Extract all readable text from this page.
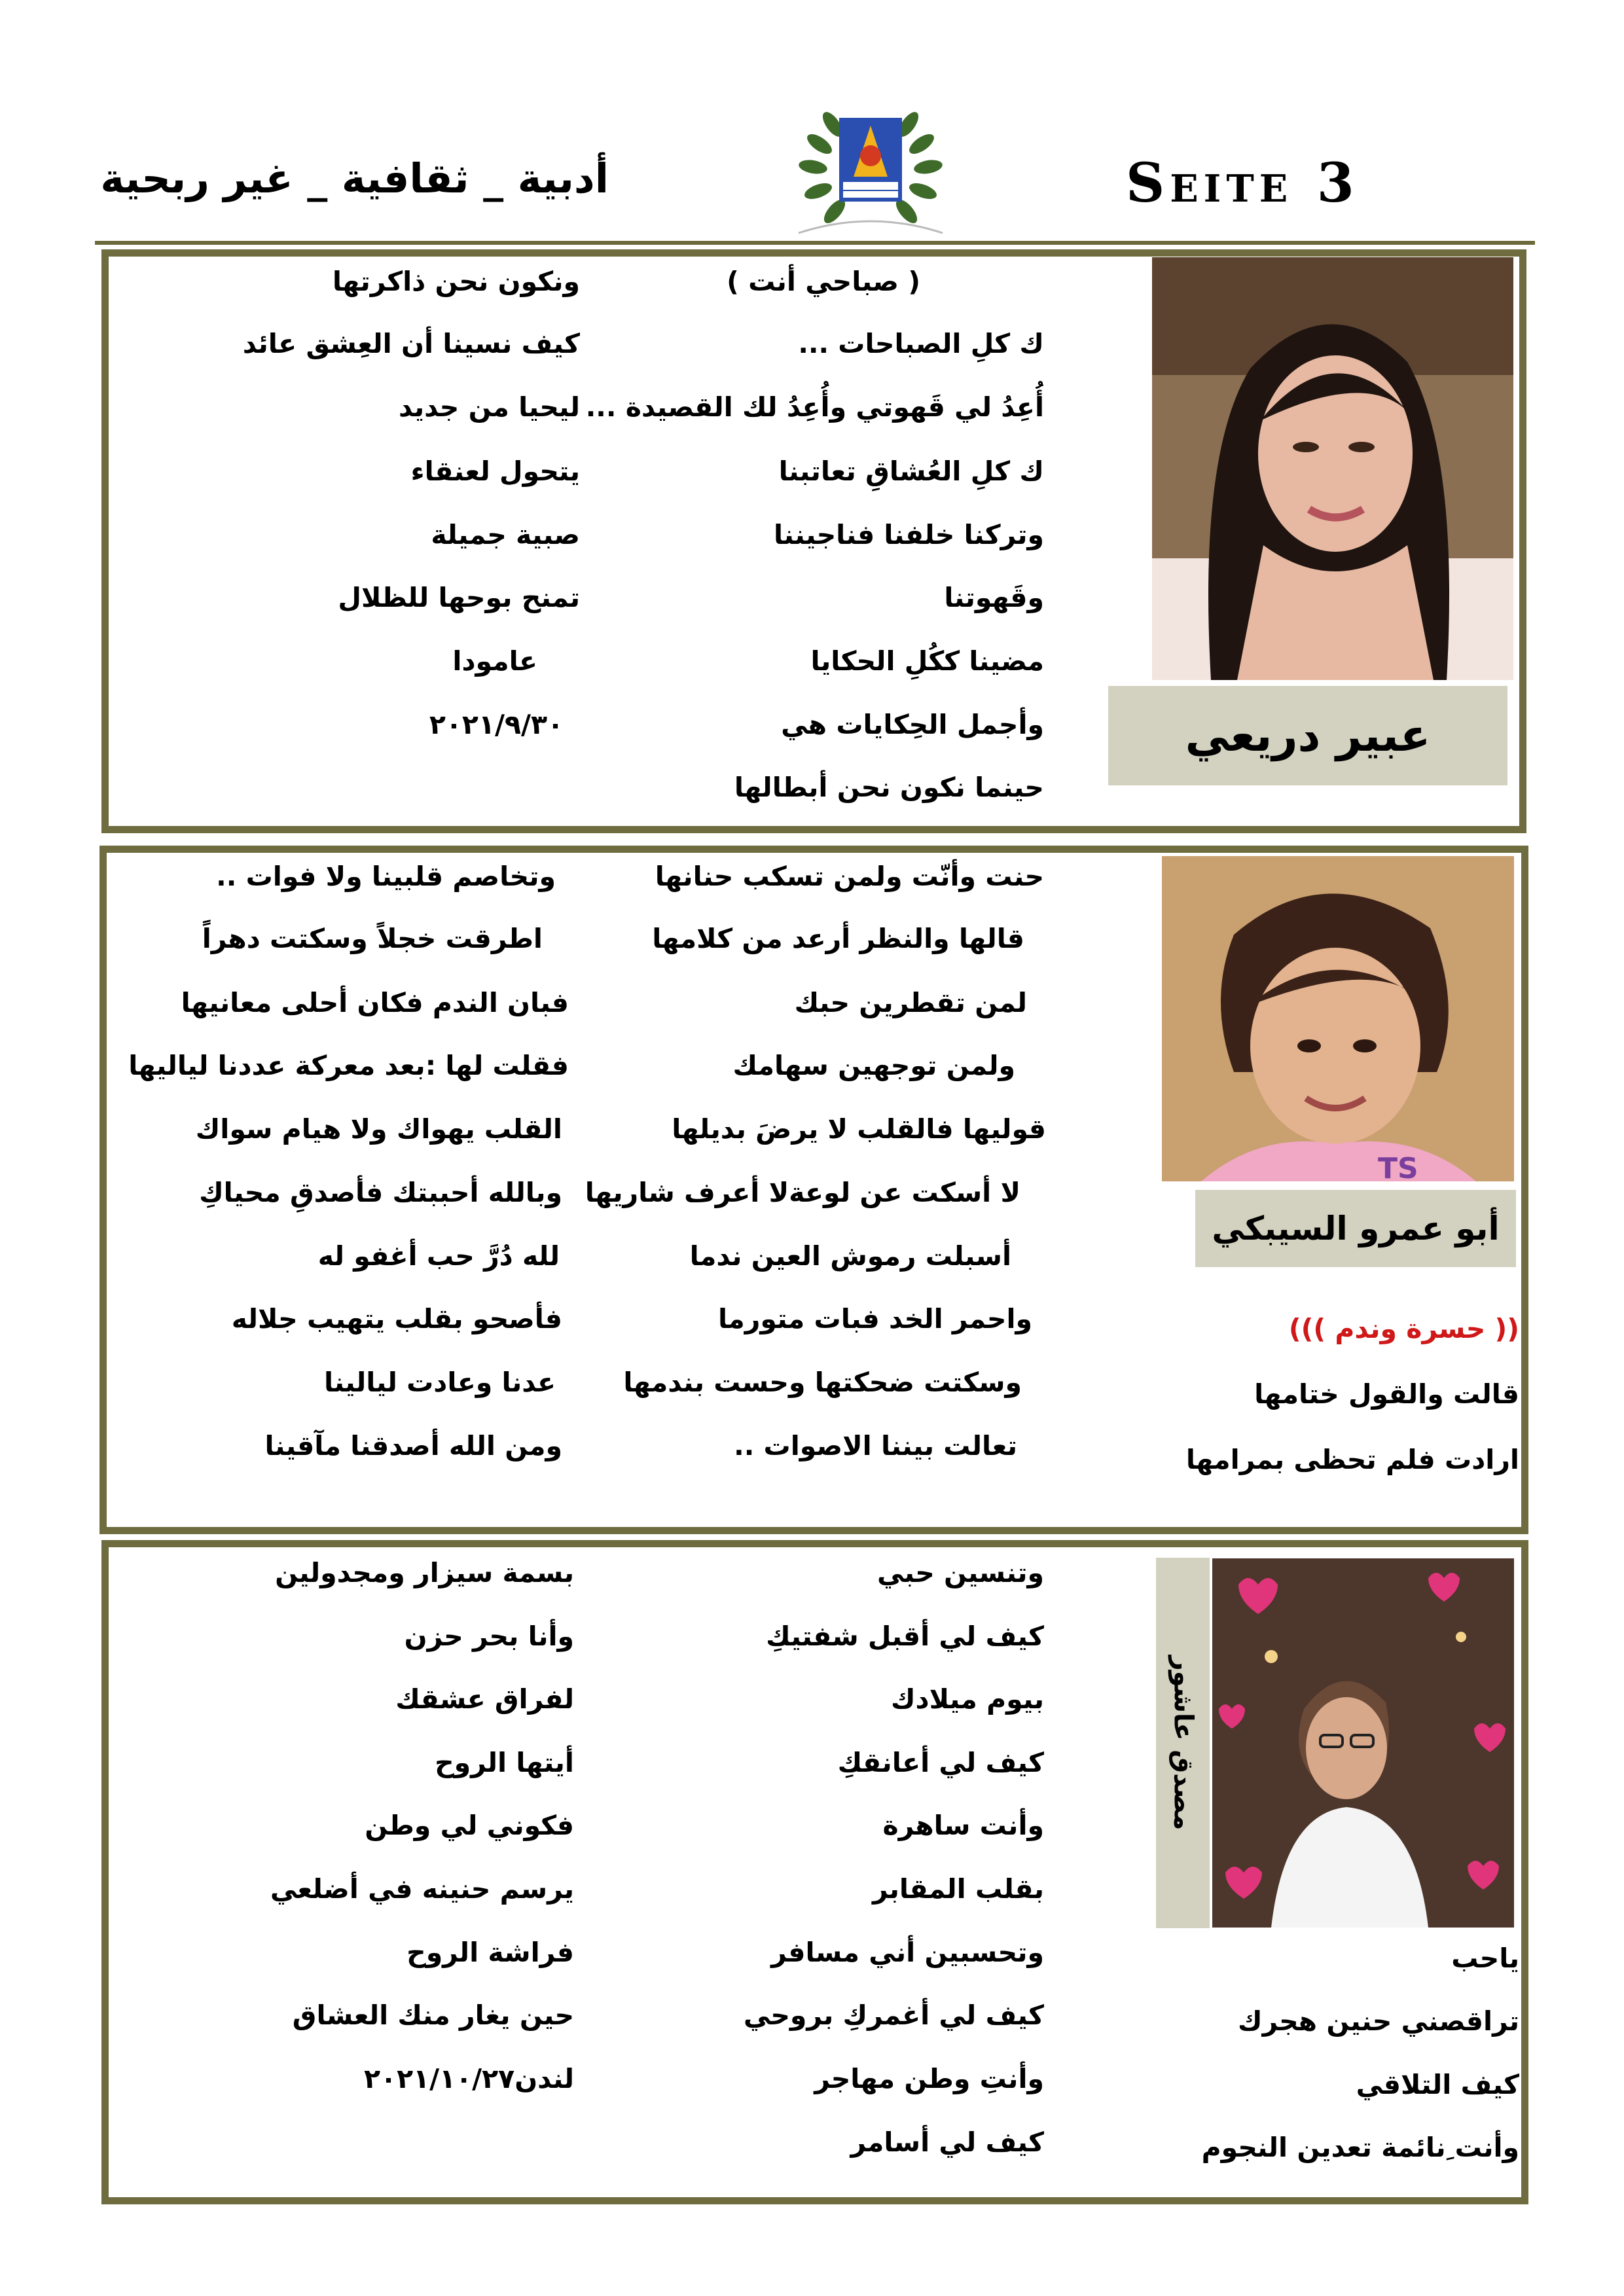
Seite 3
أدبية _ ثقافية _ غير ربحية
عبير دريعي
( صباحي أنت )
ك كلِ الصباحات ...
أُعِدُ لي قَهوتي وأُعِدُ لك القصيدة ...
ك كلِ العُشاقِ تعاتبنا
وتركنا خلفنا فناجيننا
وقَهوتنا
مضينا ككُلِ الحكايا
وأجمل الحِكايات هي
حينما نكون نحن أبطالها
ونكون نحن ذاكرتها
كيف نسينا أن العِشق عائد
ليحيا من جديد
يتحول لعنقاء
صبية جميلة
تمنح بوحها للظلال
عامودا
٢٠٢١/٩/٣٠
TS
أبو عمرو السيبكي
(( حسرة وندم )))
قالت والقول ختامها
ارادت فلم تحظى بمرامها
حنت وأنّت ولمن تسكب حنانها
قالها والنظر أرعد من كلامها
لمن تقطرين حبك
ولمن توجهين سهامك
قوليها فالقلب لا يرضَ بديلها
لا أسكت عن لوعةلا أعرف شاريها
أسبلت رموش العين ندما
واحمر الخد فبات متورما
وسكتت ضحكتها وحست بندمها
تعالت بيننا الاصوات ..
وتخاصم قلبينا ولا فوات ..
اطرقت خجلاً وسكتت دهراً
فبان الندم فكان أحلى معانيها
فقلت لها :بعد معركة عددنا لياليها
القلب يهواك ولا هيام سواك
وبالله أحببتك فأصدقِ محياكِ
لله دُرَّ حب أغفو له
فأصحو بقلب يتهيب جلاله
عدنا وعادت ليالينا
ومن الله أصدقنا مآقينا
مصدق عاشور
ياحب
تراقصني حنين هجرك
كيف التلاقي
وأنت ِنائمة تعدين النجوم
وتنسين حبي
كيف لي أقبل شفتيكِ
بيوم ميلادك
كيف لي أعانقكِ
وأنت ساهرة
بقلب المقابر
وتحسبين أني مسافر
كيف لي أغمركِ بروحي
وأنتِ وطن مهاجر
كيف لي أسامر
بسمة سيزار ومجدولين
وأنا بحر حزن
لفراق عشقك
أيتها الروح
فكوني لي وطن
يرسم حنينه في أضلعي
فراشة الروح
حين يغار منك العشاق
لندن٢٠٢١/١٠/٢٧
